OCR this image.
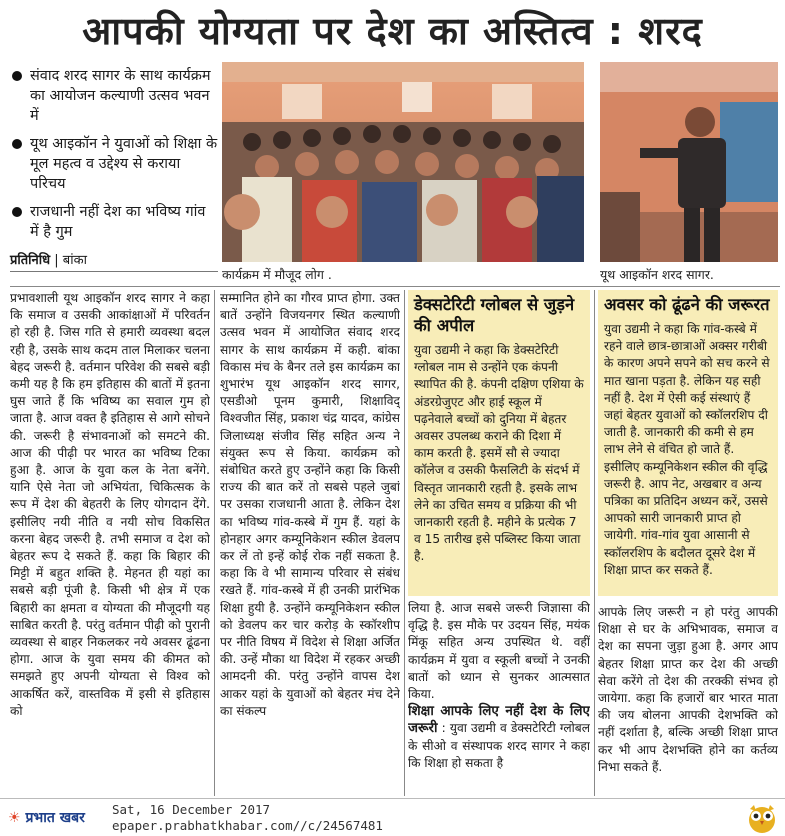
आपकी योग्यता पर देश का अस्तित्व : शरद
संवाद शरद सागर के साथ कार्यक्रम का आयोजन कल्याणी उत्सव भवन में
यूथ आइकॉन ने युवाओं को शिक्षा के मूल महत्व व उद्देश्य से कराया परिचय
राजधानी नहीं देश का भविष्य गांव में है गुम
प्रतिनिधि | बांका
कार्यक्रम में मौजूद लोग .	यूथ आइकॉन शरद सागर.

प्रभावशाली यूथ आइकॉन शरद सागर ने कहा कि समाज व उसकी आकांक्षाओं में परिवर्तन हो रही है. जिस गति से हमारी व्यवस्था बदल रही है, उसके साथ कदम ताल मिलाकर चलना बेहद जरूरी है. वर्तमान परिवेश की सबसे बड़ी कमी यह है कि हम इतिहास की बातों में इतना घुस जाते हैं कि भविष्य का सवाल गुम हो जाता है. आज वक्त है इतिहास से आगे सोचने की. जरूरी है संभावनाओं को समटने की. आज की पीढ़ी पर भारत का भविष्य टिका हुआ है. आज के युवा कल के नेता बनेंगे. यानि ऐसे नेता जो अभियंता, चिकित्सक के रूप में देश की बेहतरी के लिए योगदान देंगे. इसीलिए नयी नीति व नयी सोच विकसित करना बेहद जरूरी है. तभी समाज व देश को बेहतर रूप दे सकते हैं. कहा कि बिहार की मिट्टी में बहुत शक्ति है. मेहनत ही यहां का सबसे बड़ी पूंजी है. किसी भी क्षेत्र में एक बिहारी का क्षमता व योग्यता की मौजूदगी यह साबित करती है. परंतु वर्तमान पीढ़ी को पुरानी व्यवस्था से बाहर निकलकर नये अवसर ढूंढना होगा. आज के युवा समय की कीमत को समझते हुए अपनी योग्यता से विश्व को आकर्षित करें, वास्तविक में इसी से इतिहास को

सम्मानित होने का गौरव प्राप्त होगा. उक्त बातें उन्होंने विजयनगर स्थित कल्याणी उत्सव भवन में आयोजित संवाद शरद सागर के साथ कार्यक्रम में कही. बांका विकास मंच के बैनर तले इस कार्यक्रम का शुभारंभ यूथ आइकॉन शरद सागर, एसडीओ पूनम कुमारी, शिक्षाविद् विश्वजीत सिंह, प्रकाश चंद्र यादव, कांग्रेस जिलाध्यक्ष संजीव सिंह सहित अन्य ने संयुक्त रूप से किया. कार्यक्रम को संबोधित करते हुए उन्होंने कहा कि किसी राज्य की बात करें तो सबसे पहले जुबां पर उसका राजधानी आता है. लेकिन देश का भविष्य गांव-कस्बे में गुम हैं. यहां के होनहार अगर कम्यूनिकेशन स्कील डेवलप कर लें तो इन्हें कोई रोक नहीं सकता है. कहा कि वे भी सामान्य परिवार से संबंध रखते हैं. गांव-कस्बे में ही उनकी प्रारंभिक शिक्षा हुयी है. उन्होंने कम्यूनिकेशन स्कील को डेवलप कर चार करोड़ के स्कॉरशीप पर नीति विषय में विदेश से शिक्षा अर्जित की. उन्हें मौका था विदेश में रहकर अच्छी आमदनी की. परंतु उन्होंने वापस देश आकर यहां के युवाओं को बेहतर मंच देने का संकल्प

डेक्सटेरिटी ग्लोबल से जुड़ने की अपील
युवा उद्यमी ने कहा कि डेक्सटेरिटी ग्लोबल नाम से उन्होंने एक कंपनी स्थापित की है. कंपनी दक्षिण एशिया के अंडरग्रेजुएट और हाई स्कूल में पढ़नेवाले बच्चों को दुनिया में बेहतर अवसर उपलब्ध कराने की दिशा में काम करती है. इसमें सौ से ज्यादा कॉलेज व उसकी फैसलिटी के संदर्भ में विस्तृत जानकारी रहती है. इसके लाभ लेने का उचित समय व प्रक्रिया की भी जानकारी रहती है. महीने के प्रत्येक 7 व 15 तारीख इसे पब्लिस्ट किया जाता है.

लिया है. आज सबसे जरूरी जिज्ञासा की वृद्धि है. इस मौके पर उदयन सिंह, मयंक मिंकू सहित अन्य उपस्थित थे. वहीं कार्यक्रम में युवा व स्कूली बच्चों ने उनकी बातों को ध्यान से सुनकर आत्मसात किया.

शिक्षा आपके लिए नहीं देश के लिए जरूरी : युवा उद्यमी व डेक्सटेरिटी ग्लोबल के सीओ व संस्थापक शरद सागर ने कहा कि शिक्षा हो सकता है

अवसर को ढूंढने की जरूरत
युवा उद्यमी ने कहा कि गांव-कस्बे में रहने वाले छात्र-छात्राओं अक्सर गरीबी के कारण अपने सपने को सच करने से मात खाना पड़ता है. लेकिन यह सही नहीं है. देश में ऐसी कई संस्थाएं हैं जहां बेहतर युवाओं को स्कॉलरशिप दी जाती है. जानकारी की कमी से हम लाभ लेने से वंचित हो जाते हैं. इसीलिए कम्यूनिकेशन स्कील की वृद्धि जरूरी है. आप नेट, अखबार व अन्य पत्रिका का प्रतिदिन अध्यन करें, उससे आपको सारी जानकारी प्राप्त हो जायेगी. गांव-गांव युवा आसानी से स्कॉलरशिप के बदौलत दूसरे देश में शिक्षा प्राप्त कर सकते हैं.

आपके लिए जरूरी न हो परंतु आपकी शिक्षा से घर के अभिभावक, समाज व देश का सपना जुड़ा हुआ है. अगर आप बेहतर शिक्षा प्राप्त कर देश की अच्छी सेवा करेंगे तो देश की तरक्की संभव हो जायेगा. कहा कि हजारों बार भारत माता की जय बोलना आपकी देशभक्ति को नहीं दर्शाता है, बल्कि अच्छी शिक्षा प्राप्त कर भी आप देशभक्ति होने का कर्तव्य निभा सकते हैं.

☀ प्रभात खबर
Sat, 16 December 2017
epaper.prabhatkhabar.com//c/24567481
